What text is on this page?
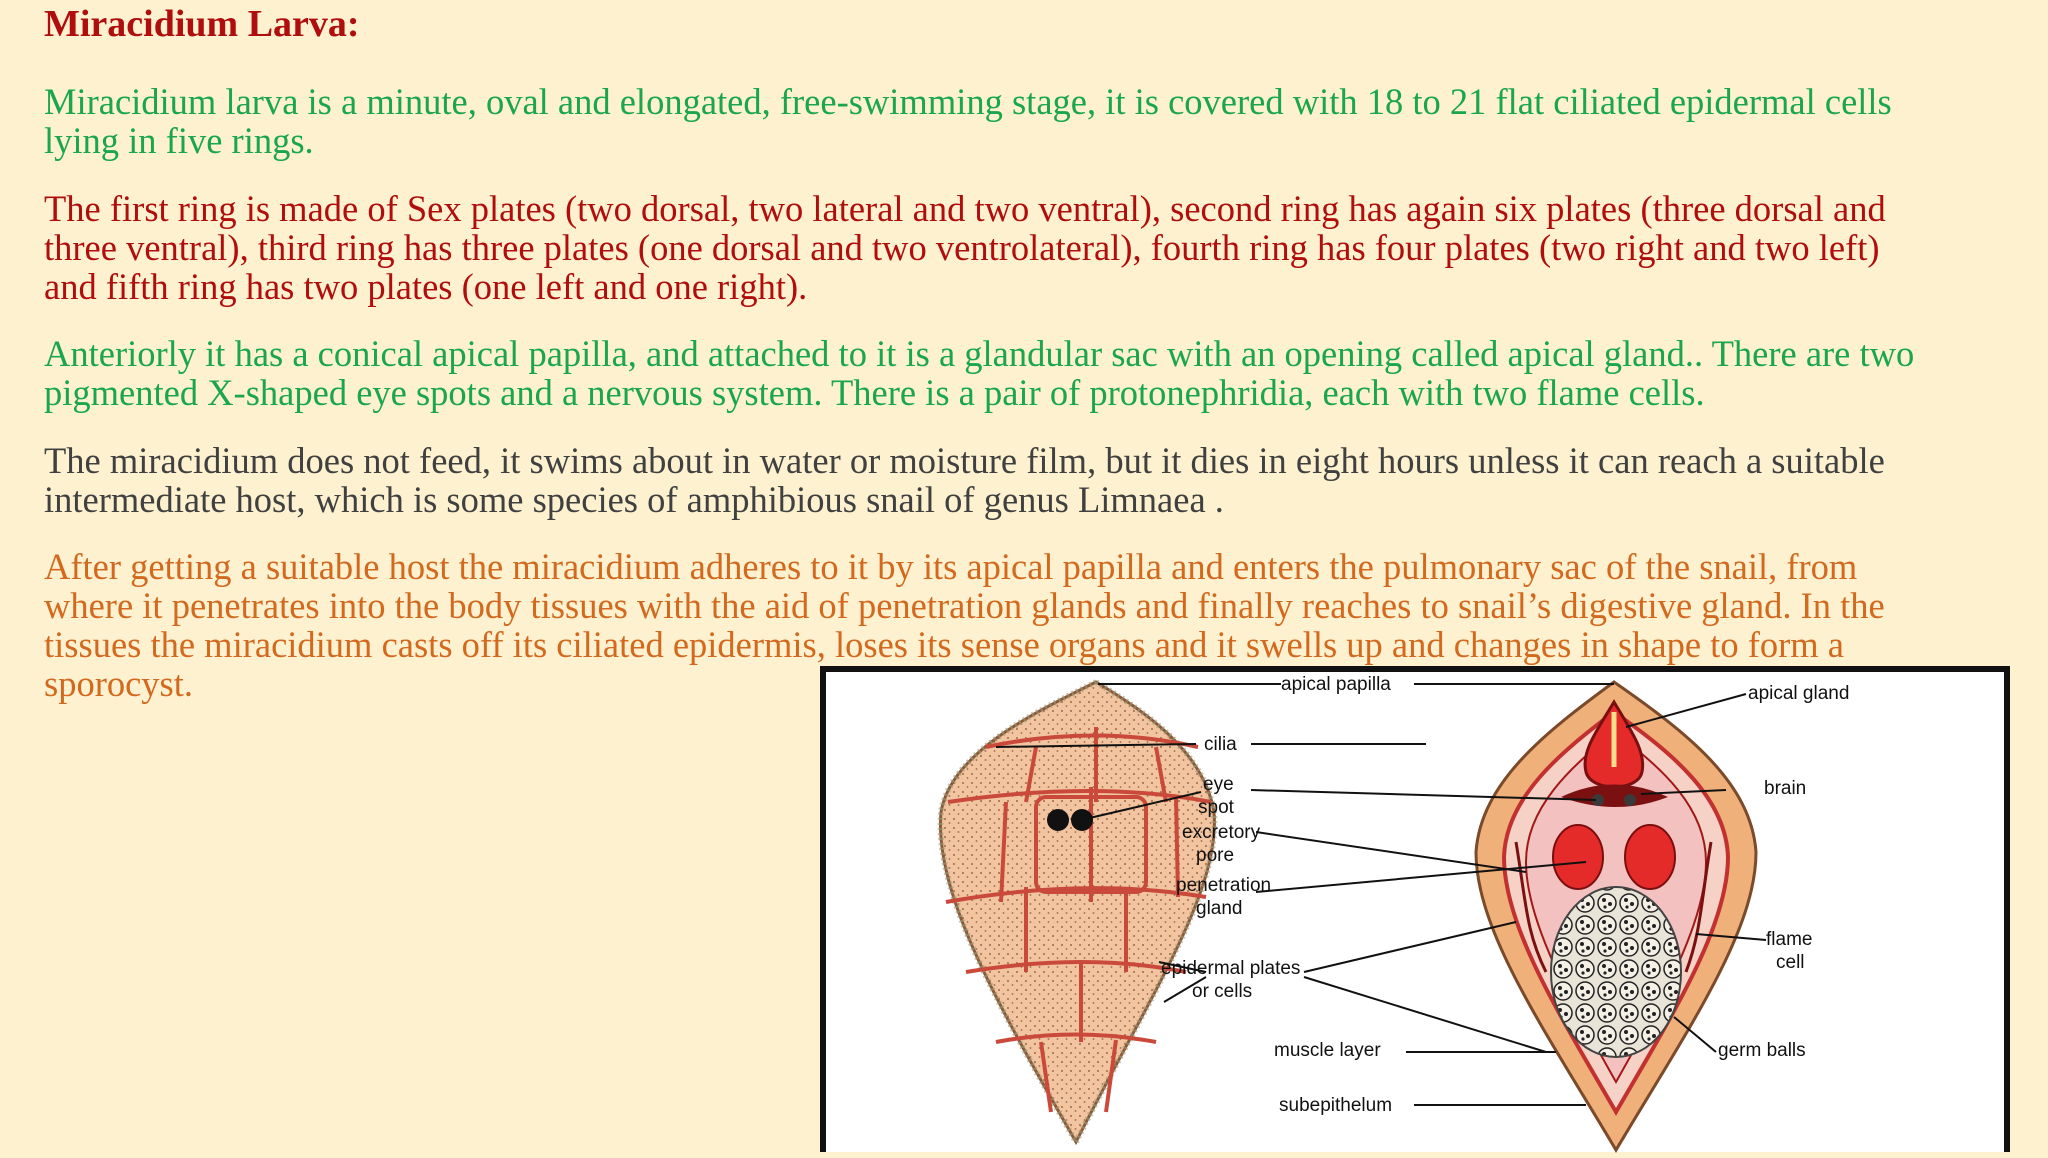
Miracidium Larva:

Miracidium larva is a minute, oval and elongated, free-swimming stage, it is covered with 18 to 21 flat ciliated epidermal cells
lying in five rings.

The first ring is made of Sex plates (two dorsal, two lateral and two ventral), second ring has again six plates (three dorsal and
three ventral), third ring has three plates (one dorsal and two ventrolateral), fourth ring has four plates (two right and two left)
and fifth ring has two plates (one left and one right).

Anteriorly it has a conical apical papilla, and attached to it is a glandular sac with an opening called apical gland.. There are two
pigmented X-shaped eye spots and a nervous system. There is a pair of protonephridia, each with two flame cells.

The miracidium does not feed, it swims about in water or moisture film, but it dies in eight hours unless it can reach a suitable
intermediate host, which is some species of amphibious snail of genus Limnaea .

After getting a suitable host the miracidium adheres to it by its apical papilla and enters the pulmonary sac of the snail, from
where it penetrates into the body tissues with the aid of penetration glands and finally reaches to snail’s digestive gland. In the
tissues the miracidium casts off its ciliated epidermis, loses its sense organs and it swells up and changes in shape to form a
sporocyst.	apical papilla	apical gland
cilia
eye
spot
brain
excretory
pore
penetration
gland
flame
cell
epidermal plates
or cells
muscle layer	germ balls
subepithelum
